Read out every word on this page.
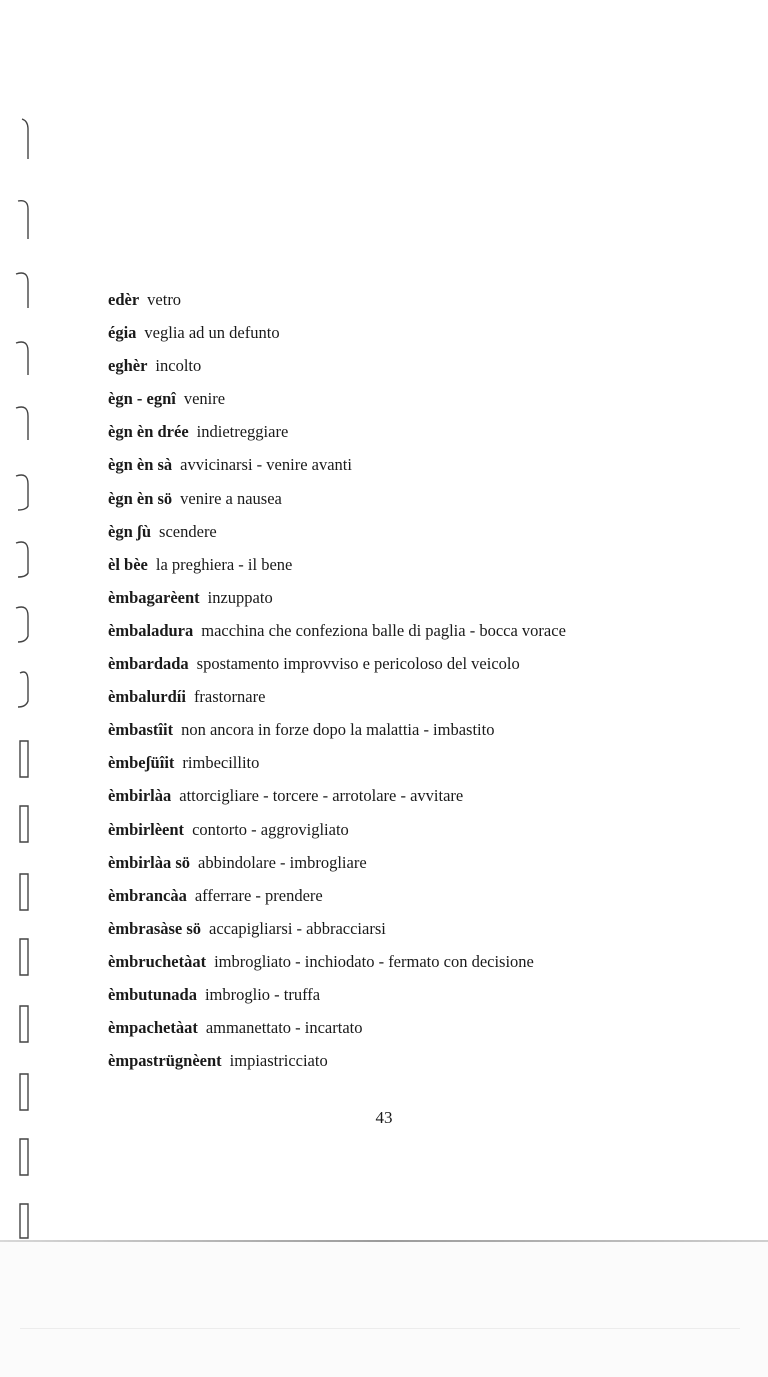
edèr vetro
égia veglia ad un defunto
eghèr incolto
ègn - egnî venire
ègn èn drée indietreggiare
ègn èn sà avvicinarsi - venire avanti
ègn èn sö venire a nausea
ègn ʃù scendere
èl bèe la preghiera - il bene
èmbagarèent inzuppato
èmbaladura macchina che confeziona balle di paglia - bocca vorace
èmbardada spostamento improvviso e pericoloso del veicolo
èmbalurdíi frastornare
èmbastîit non ancora in forze dopo la malattia - imbastito
èmbeʃüîit rimbecillito
èmbirlàa attorcigliare - torcere - arrotolare - avvitare
èmbirlèent contorto - aggrovigliato
èmbirlàa sö abbindolare - imbrogliare
èmbrancàa afferrare - prendere
èmbrasàse sö accapigliarsi - abbracciarsi
èmbruchetàat imbrogliato - inchiodato - fermato con decisione
èmbutunada imbroglio - truffa
èmpachetàat ammanettato - incartato
èmpastrügnèent impiastricciato
43
